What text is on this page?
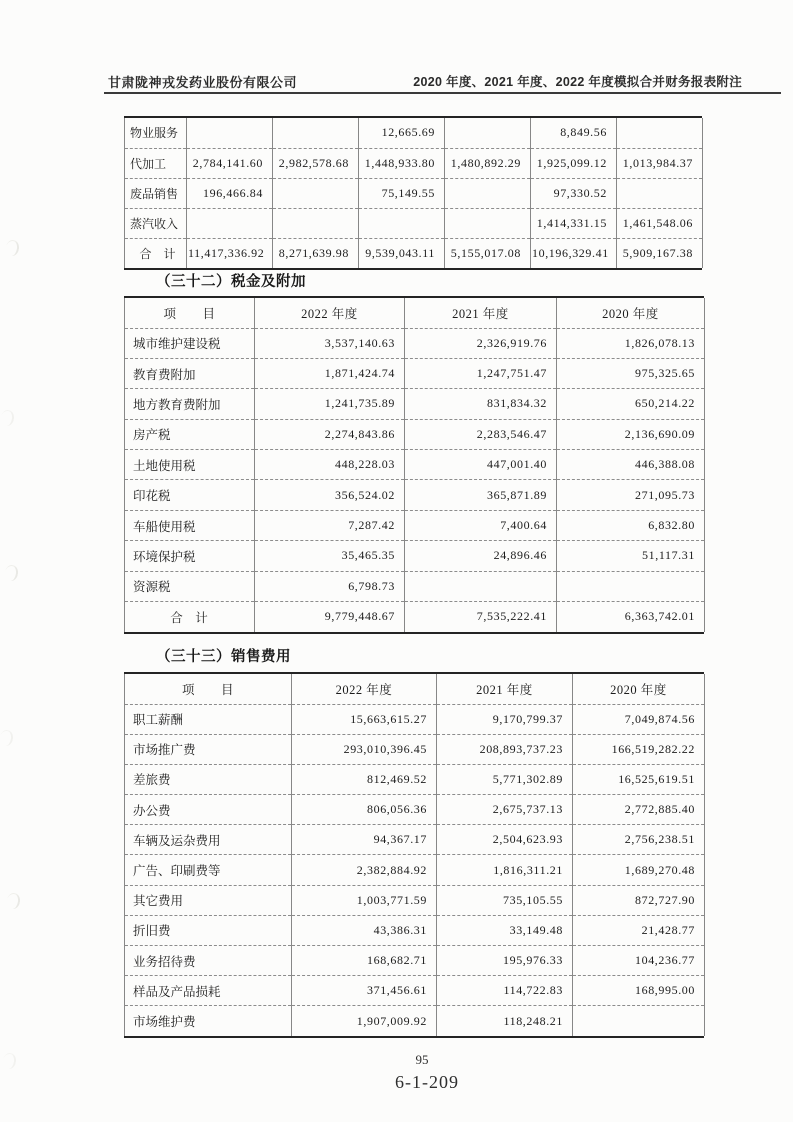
甘肃陇神戎发药业股份有限公司	2020 年度、2021 年度、2022 年度模拟合并财务报表附注
物业服务			12,665.69		8,849.56	
代加工	2,784,141.60	2,982,578.68	1,448,933.80	1,480,892.29	1,925,099.12	1,013,984.37
废品销售	196,466.84		75,149.55		97,330.52	
蒸汽收入					1,414,331.15	1,461,548.06
合　计	11,417,336.92	8,271,639.98	9,539,043.11	5,155,017.08	10,196,329.41	5,909,167.38
（三十二）税金及附加
项　　目	2022 年度	2021 年度	2020 年度
城市维护建设税	3,537,140.63	2,326,919.76	1,826,078.13
教育费附加	1,871,424.74	1,247,751.47	975,325.65
地方教育费附加	1,241,735.89	831,834.32	650,214.22
房产税	2,274,843.86	2,283,546.47	2,136,690.09
土地使用税	448,228.03	447,001.40	446,388.08
印花税	356,524.02	365,871.89	271,095.73
车船使用税	7,287.42	7,400.64	6,832.80
环境保护税	35,465.35	24,896.46	51,117.31
资源税	6,798.73		
合　计	9,779,448.67	7,535,222.41	6,363,742.01
（三十三）销售费用
项　　目	2022 年度	2021 年度	2020 年度
职工薪酬	15,663,615.27	9,170,799.37	7,049,874.56
市场推广费	293,010,396.45	208,893,737.23	166,519,282.22
差旅费	812,469.52	5,771,302.89	16,525,619.51
办公费	806,056.36	2,675,737.13	2,772,885.40
车辆及运杂费用	94,367.17	2,504,623.93	2,756,238.51
广告、印刷费等	2,382,884.92	1,816,311.21	1,689,270.48
其它费用	1,003,771.59	735,105.55	872,727.90
折旧费	43,386.31	33,149.48	21,428.77
业务招待费	168,682.71	195,976.33	104,236.77
样品及产品损耗	371,456.61	114,722.83	168,995.00
市场维护费	1,907,009.92	118,248.21	
95
6-1-209
